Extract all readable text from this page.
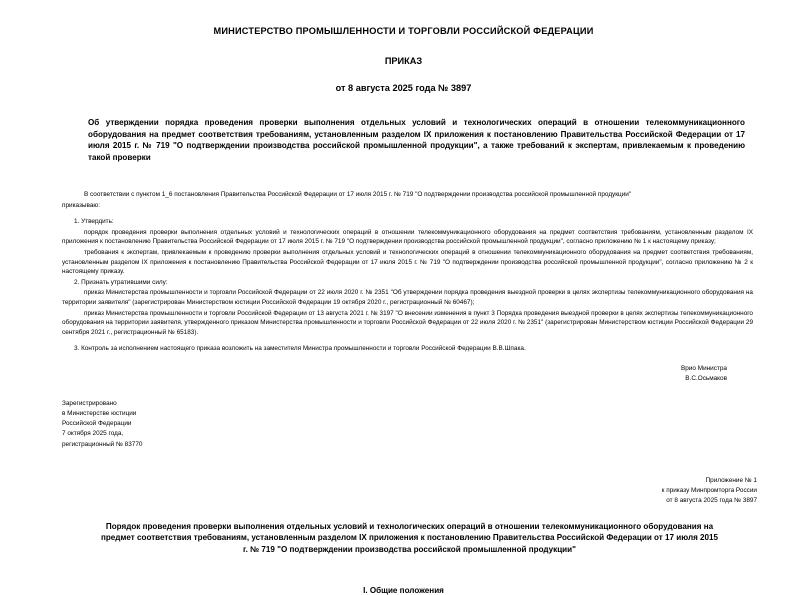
МИНИСТЕРСТВО ПРОМЫШЛЕННОСТИ И ТОРГОВЛИ РОССИЙСКОЙ ФЕДЕРАЦИИ
ПРИКАЗ
от 8 августа 2025 года № 3897
Об утверждении порядка проведения проверки выполнения отдельных условий и технологических операций в отношении телекоммуникационного оборудования на предмет соответствия требованиям, установленным разделом IX приложения к постановлению Правительства Российской Федерации от 17 июля 2015 г. № 719 "О подтверждении производства российской промышленной продукции", а также требований к экспертам, привлекаемым к проведению такой проверки

В соответствии с пунктом 1_6 постановления Правительства Российской Федерации от 17 июля 2015 г. № 719 "О подтверждении производства российской промышленной продукции"

приказываю:

1. Утвердить:

порядок проведения проверки выполнения отдельных условий и технологических операций в отношении телекоммуникационного оборудования на предмет соответствия требованиям, установленным разделом IX приложения к постановлению Правительства Российской Федерации от 17 июля 2015 г. № 719 "О подтверждении производства российской промышленной продукции", согласно приложению № 1 к настоящему приказу;

требования к экспертам, привлекаемым к проведению проверки выполнения отдельных условий и технологических операций в отношении телекоммуникационного оборудования на предмет соответствия требованиям, установленным разделом IX приложения к постановлению Правительства Российской Федерации от 17 июля 2015 г. № 719 "О подтверждении производства российской промышленной продукции", согласно приложению № 2 к настоящему приказу.

2. Признать утратившими силу:

приказ Министерства промышленности и торговли Российской Федерации от 22 июля 2020 г. № 2351 "Об утверждении порядка проведения выездной проверки в целях экспертизы телекоммуникационного оборудования на территории заявителя" (зарегистрирован Министерством юстиции Российской Федерации 19 октября 2020 г., регистрационный № 60467);

приказ Министерства промышленности и торговли Российской Федерации от 13 августа 2021 г. № 3197 "О внесении изменения в пункт 3 Порядка проведения выездной проверки в целях экспертизы телекоммуникационного оборудования на территории заявителя, утвержденного приказом Министерства промышленности и торговли Российской Федерации от 22 июля 2020 г. № 2351" (зарегистрирован Министерством юстиции Российской Федерации 29 сентября 2021 г., регистрационный № 65183).

3. Контроль за исполнением настоящего приказа возложить на заместителя Министра промышленности и торговли Российской Федерации В.В.Шпака.

Врио Министра
В.С.Осьмаков
Зарегистрировано
в Министерстве юстиции
Российской Федерации
7 октября 2025 года,
регистрационный № 83770
Приложение № 1
к приказу Минпромторга России
от 8 августа 2025 года № 3897
Порядок проведения проверки выполнения отдельных условий и технологических операций в отношении телекоммуникационного оборудования на предмет соответствия требованиям, установленным разделом IX приложения к постановлению Правительства Российской Федерации от 17 июля 2015 г. № 719 "О подтверждении производства российской промышленной продукции"
I. Общие положения
